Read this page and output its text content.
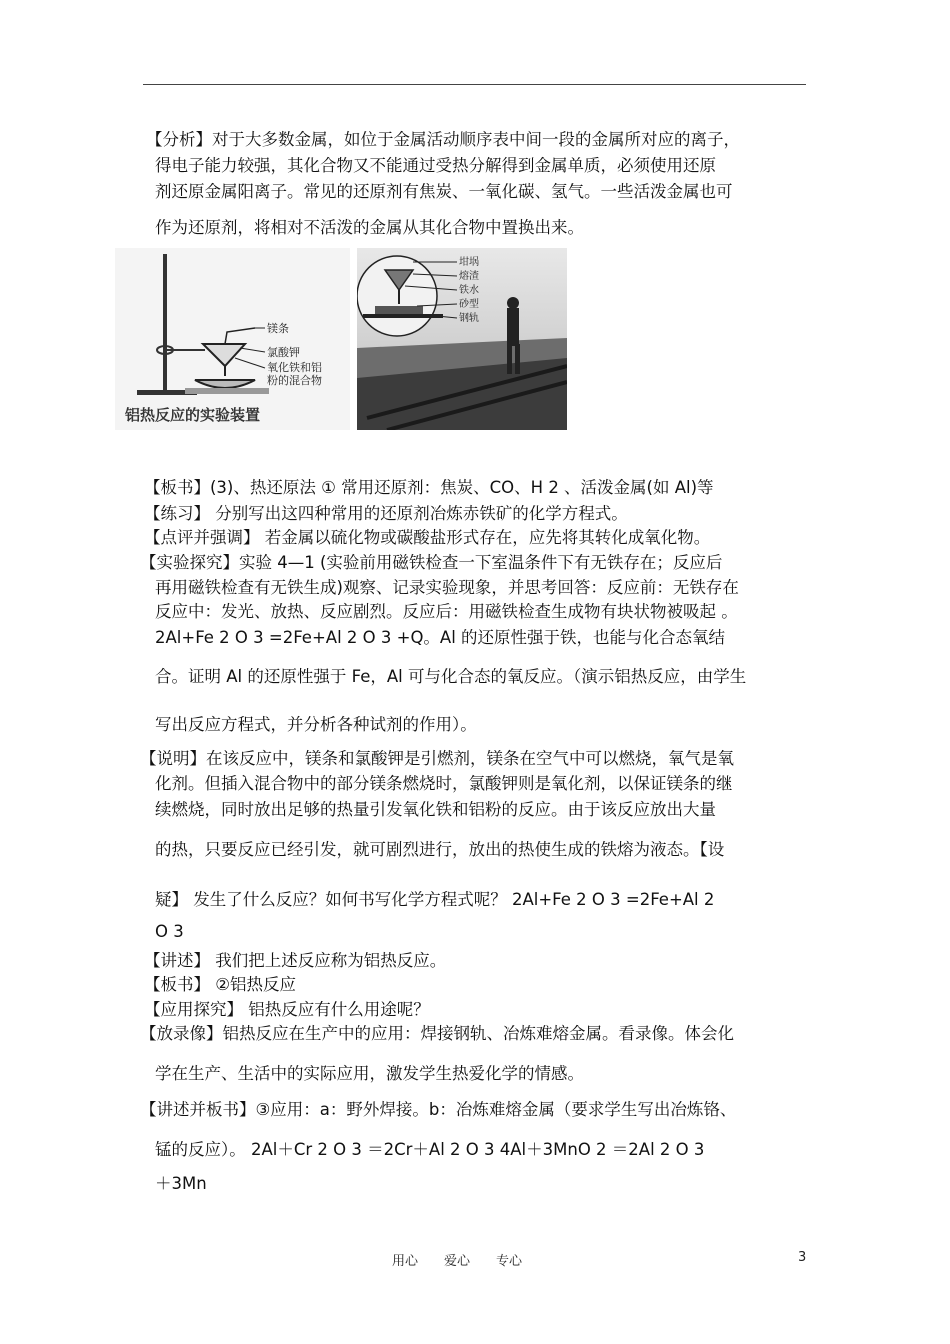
【分析】对于大多数金属，如位于金属活动顺序表中间一段的金属所对应的离子，
得电子能力较强，其化合物又不能通过受热分解得到金属单质，必须使用还原
剂还原金属阳离子。常见的还原剂有焦炭、一氧化碳、氢气。一些活泼金属也可
作为还原剂，将相对不活泼的金属从其化合物中置换出来。
镁条
氯酸钾
氧化铁和铝
粉的混合物
铝热反应的实验装置
坩埚
熔渣
铁水
砂型
钢轨
【板书】(3)、热还原法 ① 常用还原剂：焦炭、CO、H 2 、活泼金属(如 Al)等
【练习】 分别写出这四种常用的还原剂冶炼赤铁矿的化学方程式。
【点评并强调】 若金属以硫化物或碳酸盐形式存在，应先将其转化成氧化物。
【实验探究】实验 4—1 (实验前用磁铁检查一下室温条件下有无铁存在；反应后
再用磁铁检查有无铁生成)观察、记录实验现象，并思考回答：反应前：无铁存在
反应中：发光、放热、反应剧烈。反应后：用磁铁检查生成物有块状物被吸起 。
2Al+Fe 2 O 3 =2Fe+Al 2 O 3 +Q。Al 的还原性强于铁，也能与化合态氧结
合。证明 Al 的还原性强于 Fe，Al 可与化合态的氧反应。（演示铝热反应，由学生
写出反应方程式，并分析各种试剂的作用）。
【说明】在该反应中，镁条和氯酸钾是引燃剂，镁条在空气中可以燃烧，氧气是氧
化剂。但插入混合物中的部分镁条燃烧时，氯酸钾则是氧化剂，以保证镁条的继
续燃烧，同时放出足够的热量引发氧化铁和铝粉的反应。由于该反应放出大量
的热，只要反应已经引发，就可剧烈进行，放出的热使生成的铁熔为液态。【设
疑】 发生了什么反应？如何书写化学方程式呢？ 2Al+Fe 2 O 3 =2Fe+Al 2
O 3
【讲述】 我们把上述反应称为铝热反应。
【板书】 ②铝热反应
【应用探究】 铝热反应有什么用途呢？
【放录像】铝热反应在生产中的应用：焊接钢轨、冶炼难熔金属。看录像。体会化
学在生产、生活中的实际应用，激发学生热爱化学的情感。
【讲述并板书】③应用：a：野外焊接。b：冶炼难熔金属（要求学生写出冶炼铬、
锰的反应）。 2Al＋Cr 2 O 3 ＝2Cr＋Al 2 O 3 4Al＋3MnO 2 ＝2Al 2 O 3
＋3Mn
用心　　爱心　　专心	3
